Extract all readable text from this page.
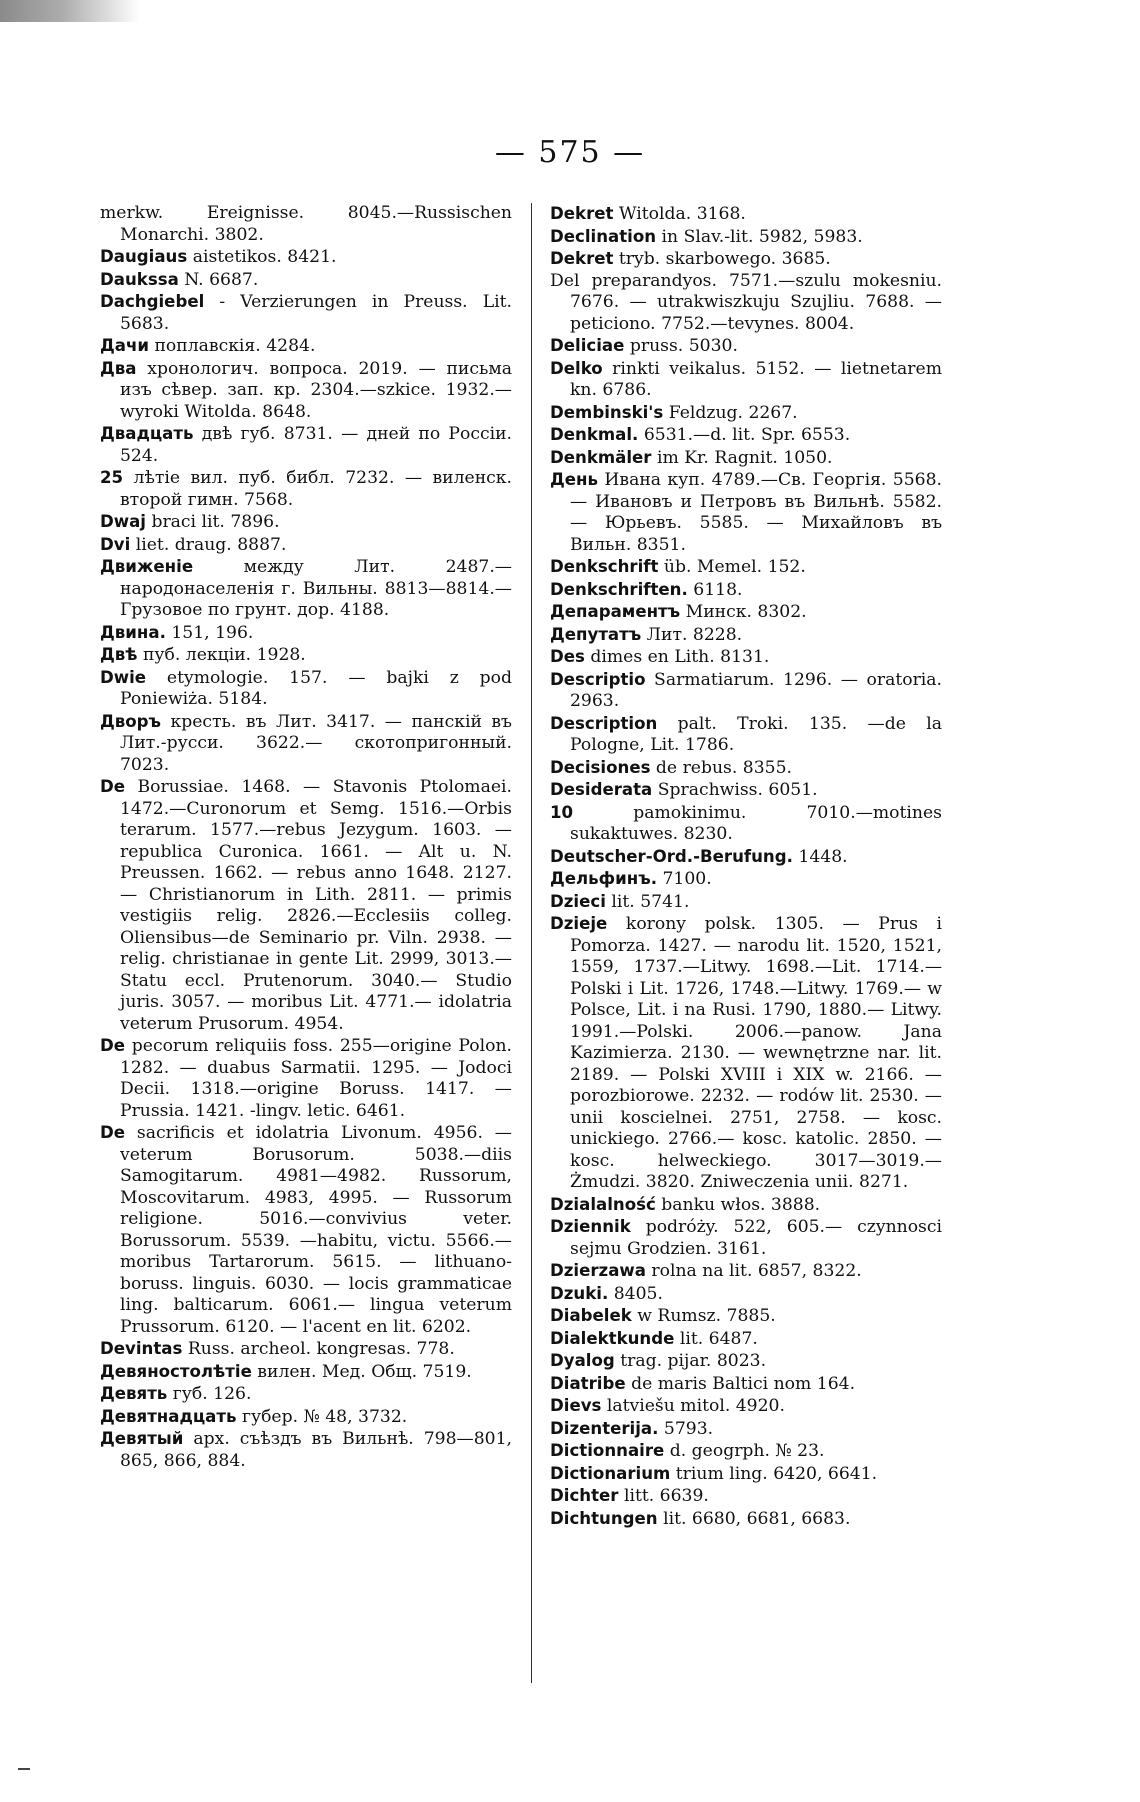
— 575 —
merkw. Ereignisse. 8045.—Russischen Monarchi. 3802.
Daugiaus aistetikos. 8421.
Daukssa N. 6687.
Dachgiebel - Verzierungen in Preuss. Lit. 5683.
Дачи поплавскія. 4284.
Два хронологич. вопроса. 2019. — письма изъ сѣвер. зап. кр. 2304.—szkice. 1932.—wyroki Witolda. 8648.
Двадцать двѣ губ. 8731. — дней по Россіи. 524.
25 лѣтіе вил. пуб. библ. 7232. — виленск. второй гимн. 7568.
Dwaj braci lit. 7896.
Dvi liet. draug. 8887.
Движеніе между Лит. 2487.—народонаселенія г. Вильны. 8813—8814.—Грузовое по грунт. дор. 4188.
Двина. 151, 196.
Двѣ пуб. лекціи. 1928.
Dwie etymologie. 157. — bajki z pod Poniewiża. 5184.
Дворъ кресть. въ Лит. 3417. — панскій въ Лит.-русси. 3622.— скотопригонный. 7023.
De Borussiae. 1468. — Stavonis Ptolomaei. 1472.—Curonorum et Semg. 1516.—Orbis terarum. 1577.—rebus Jezygum. 1603. — republica Curonica. 1661. — Alt u. N. Preussen. 1662. — rebus anno 1648. 2127. — Christianorum in Lith. 2811. — primis vestigiis relig. 2826.—Ecclesiis colleg. Oliensibus—de Seminario pr. Viln. 2938. — relig. christianae in gente Lit. 2999, 3013.— Statu eccl. Prutenorum. 3040.— Studio juris. 3057. — moribus Lit. 4771.— idolatria veterum Prusorum. 4954.
De pecorum reliquiis foss. 255—origine Polon. 1282. — duabus Sarmatii. 1295. — Jodoci Decii. 1318.—origine Boruss. 1417. —Prussia. 1421. -lingv. letic. 6461.
De sacrificis et idolatria Livonum. 4956. —veterum Borusorum. 5038.—diis Samogitarum. 4981—4982. Russorum, Moscovitarum. 4983, 4995. — Russorum religione. 5016.—convivius veter. Borussorum. 5539. —habitu, victu. 5566.—moribus Tartarorum. 5615. — lithuano-boruss. linguis. 6030. — locis grammaticae ling. balticarum. 6061.— lingua veterum Prussorum. 6120. — l'acent en lit. 6202.
Devintas Russ. archeol. kongresas. 778.
Девяностолѣтіе вилен. Мед. Общ. 7519.
Девять губ. 126.
Девятнадцать губер. № 48, 3732.
Девятый арх. съѣздъ въ Вильнѣ. 798—801, 865, 866, 884.
Dekret Witolda. 3168.
Declination in Slav.-lit. 5982, 5983.
Dekret tryb. skarbowego. 3685.
Del preparandyos. 7571.—szulu mokesniu. 7676. — utrakwiszkuju Szujliu. 7688. —peticiono. 7752.—tevynes. 8004.
Deliciae pruss. 5030.
Delko rinkti veikalus. 5152. — lietnetarem kn. 6786.
Dembinski's Feldzug. 2267.
Denkmal. 6531.—d. lit. Spr. 6553.
Denkmäler im Kr. Ragnit. 1050.
День Ивана куп. 4789.—Св. Георгія. 5568. — Ивановъ и Петровъ въ Вильнѣ. 5582. — Юрьевъ. 5585. — Михайловъ въ Вильн. 8351.
Denkschrift üb. Memel. 152.
Denkschriften. 6118.
Депараментъ Минск. 8302.
Депутатъ Лит. 8228.
Des dimes en Lith. 8131.
Descriptio Sarmatiarum. 1296. — oratoria. 2963.
Description palt. Troki. 135. —de la Pologne, Lit. 1786.
Decisiones de rebus. 8355.
Desiderata Sprachwiss. 6051.
10 pamokinimu. 7010.—motines sukaktuwes. 8230.
Deutscher-Ord.-Berufung. 1448.
Дельфинъ. 7100.
Dzieci lit. 5741.
Dzieje korony polsk. 1305. — Prus i Pomorza. 1427. — narodu lit. 1520, 1521, 1559, 1737.—Litwy. 1698.—Lit. 1714.— Polski i Lit. 1726, 1748.—Litwy. 1769.— w Polsce, Lit. i na Rusi. 1790, 1880.— Litwy. 1991.—Polski. 2006.—panow. Jana Kazimierza. 2130. — wewnętrzne nar. lit. 2189. — Polski XVIII i XIX w. 2166. — porozbiorowe. 2232. — rodów lit. 2530. — unii koscielnei. 2751, 2758. — kosc. unickiego. 2766.— kosc. katolic. 2850. — kosc. helweckiego. 3017—3019.— Żmudzi. 3820. Zniweczenia unii. 8271.
Dzialalność banku włos. 3888.
Dziennik podróży. 522, 605.— czynnosci sejmu Grodzien. 3161.
Dzierzawa rolna na lit. 6857, 8322.
Dzuki. 8405.
Diabelek w Rumsz. 7885.
Dialektkunde lit. 6487.
Dyalog trag. pijar. 8023.
Diatribe de maris Baltici nom 164.
Dievs latviešu mitol. 4920.
Dizenterija. 5793.
Dictionnaire d. geogrph. № 23.
Dictionarium trium ling. 6420, 6641.
Dichter litt. 6639.
Dichtungen lit. 6680, 6681, 6683.
